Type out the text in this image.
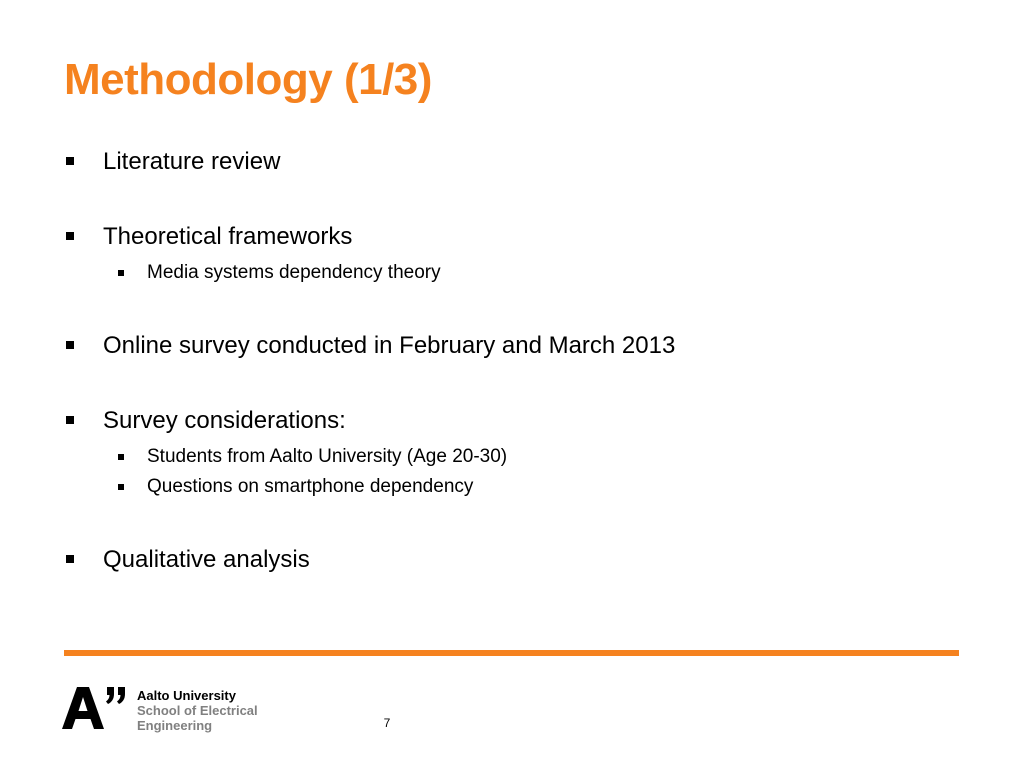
Methodology (1/3)
Literature review
Theoretical frameworks
Media systems dependency theory
Online survey conducted in February and March 2013
Survey considerations:
Students from Aalto University (Age 20-30)
Questions on smartphone dependency
Qualitative analysis
Aalto University
School of Electrical
Engineering	7
